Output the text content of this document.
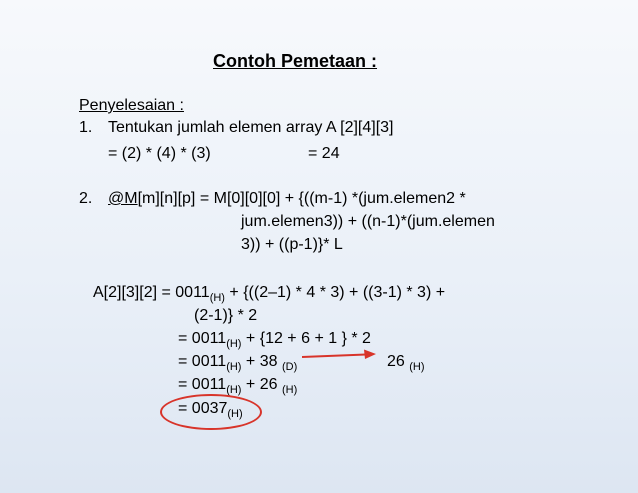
Contoh Pemetaan :
Penyelesaian :
1. Tentukan jumlah elemen array A [2][4][3]
= (2) * (4) * (3)	= 24
2. @M[m][n][p] = M[0][0][0] + {((m-1) *(jum.elemen2 *
jum.elemen3)) + ((n-1)*(jum.elemen
3)) + ((p-1)}* L
$A[2][3][2] = 0011_{(H)} + \{((2-1) * 4 * 3) + ((3-1) * 3)$ +
(2-1)} * 2
= $0011_{(H)} + \{12 + 6 + 1$ } * 2
= $0011_{(H)} + 38$ $_{(D)}$	26 $_{(H)}$
= $0011_{(H)} + 26$ $_{(H)}$
= $0037_{(H)}$
